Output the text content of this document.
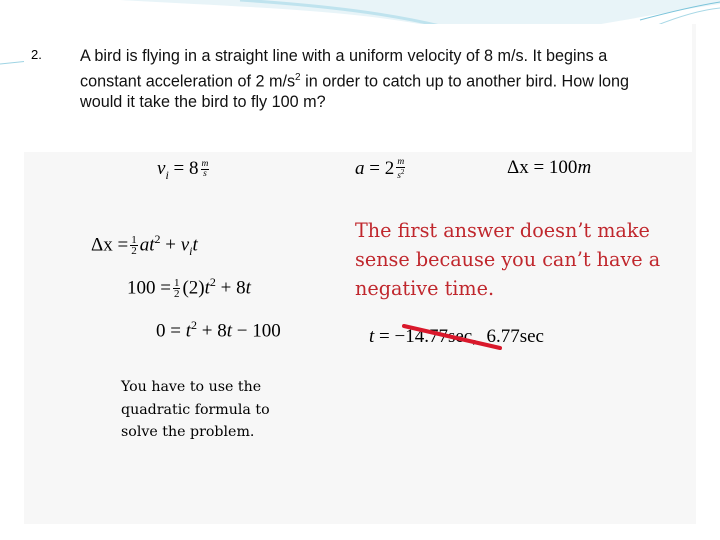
2. A bird is flying in a straight line with a uniform velocity of 8 m/s. It begins a
constant acceleration of 2 $m/s^2$ in order to catch up to another bird. How long
would it take the bird to fly 100 m?
$v_i = 8 \frac{m}{s}$	$a = 2 \frac{m}{s^2}$	Δx = 100m
$\Delta x = \frac{1}{2} at^2 + v_it$
$100 = \frac{1}{2} (2)t^2 + 8t$
$0 = t^2 + 8t - 100$	t = −14.77sec, 6.77sec
The first answer doesn’t make sense because you can’t have a negative time.
You have to use the quadratic formula to solve the problem.
